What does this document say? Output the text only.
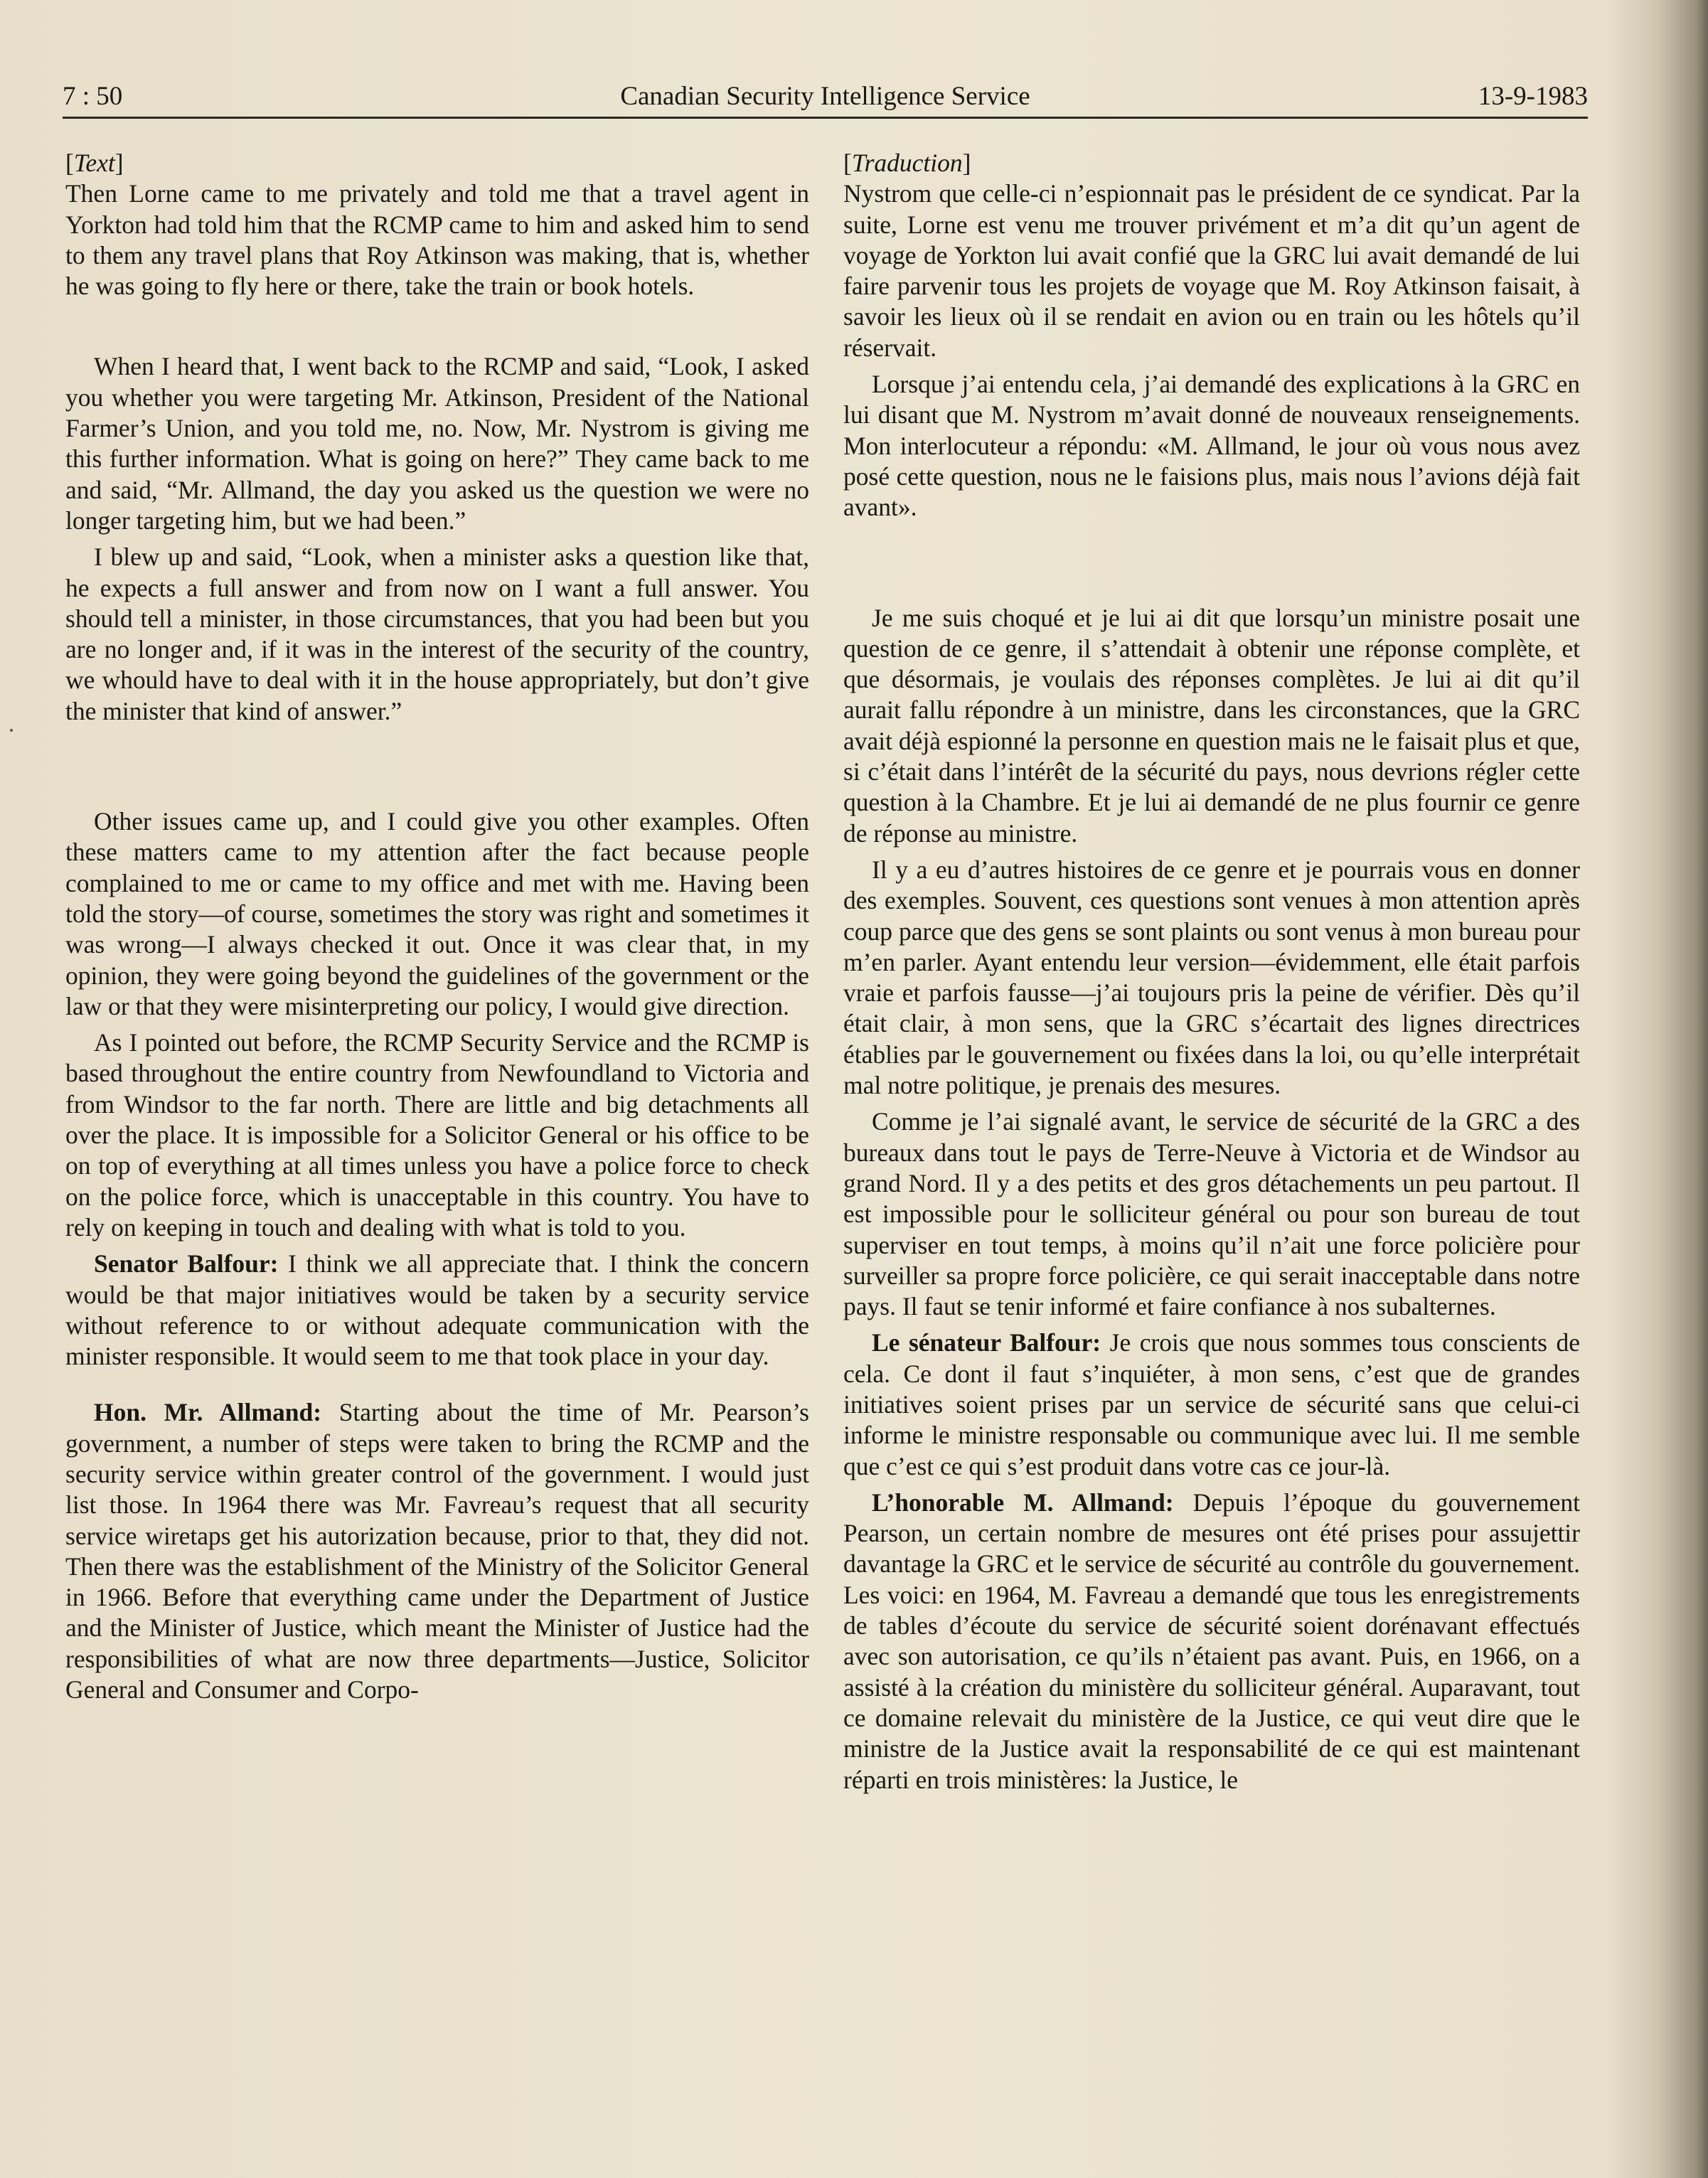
7 : 50	Canadian Security Intelligence Service	13-9-1983

[Text]

Then Lorne came to me privately and told me that a travel agent in Yorkton had told him that the RCMP came to him and asked him to send to them any travel plans that Roy Atkinson was making, that is, whether he was going to fly here or there, take the train or book hotels.

When I heard that, I went back to the RCMP and said, “Look, I asked you whether you were targeting Mr. Atkinson, President of the National Farmer’s Union, and you told me, no. Now, Mr. Nystrom is giving me this further information. What is going on here?” They came back to me and said, “Mr. Allmand, the day you asked us the question we were no longer targeting him, but we had been.”

I blew up and said, “Look, when a minister asks a question like that, he expects a full answer and from now on I want a full answer. You should tell a minister, in those circumstances, that you had been but you are no longer and, if it was in the interest of the security of the country, we whould have to deal with it in the house appropriately, but don’t give the minister that kind of answer.”

Other issues came up, and I could give you other examples. Often these matters came to my attention after the fact because people complained to me or came to my office and met with me. Having been told the story—of course, sometimes the story was right and sometimes it was wrong—I always checked it out. Once it was clear that, in my opinion, they were going beyond the guidelines of the government or the law or that they were misinterpreting our policy, I would give direction.

As I pointed out before, the RCMP Security Service and the RCMP is based throughout the entire country from Newfoundland to Victoria and from Windsor to the far north. There are little and big detachments all over the place. It is impossible for a Solicitor General or his office to be on top of everything at all times unless you have a police force to check on the police force, which is unacceptable in this country. You have to rely on keeping in touch and dealing with what is told to you.

Senator Balfour: I think we all appreciate that. I think the concern would be that major initiatives would be taken by a security service without reference to or without adequate communication with the minister responsible. It would seem to me that took place in your day.

Hon. Mr. Allmand: Starting about the time of Mr. Pearson’s government, a number of steps were taken to bring the RCMP and the security service within greater control of the government. I would just list those. In 1964 there was Mr. Favreau’s request that all security service wiretaps get his autorization because, prior to that, they did not. Then there was the establishment of the Ministry of the Solicitor General in 1966. Before that everything came under the Department of Justice and the Minister of Justice, which meant the Minister of Justice had the responsibilities of what are now three departments—Justice, Solicitor General and Consumer and Corpo-

[Traduction]

Nystrom que celle-ci n’espionnait pas le président de ce syndicat. Par la suite, Lorne est venu me trouver privément et m’a dit qu’un agent de voyage de Yorkton lui avait confié que la GRC lui avait demandé de lui faire parvenir tous les projets de voyage que M. Roy Atkinson faisait, à savoir les lieux où il se rendait en avion ou en train ou les hôtels qu’il réservait.

Lorsque j’ai entendu cela, j’ai demandé des explications à la GRC en lui disant que M. Nystrom m’avait donné de nouveaux renseignements. Mon interlocuteur a répondu: «M. Allmand, le jour où vous nous avez posé cette question, nous ne le faisions plus, mais nous l’avions déjà fait avant».

Je me suis choqué et je lui ai dit que lorsqu’un ministre posait une question de ce genre, il s’attendait à obtenir une réponse complète, et que désormais, je voulais des réponses complètes. Je lui ai dit qu’il aurait fallu répondre à un ministre, dans les circonstances, que la GRC avait déjà espionné la personne en question mais ne le faisait plus et que, si c’était dans l’intérêt de la sécurité du pays, nous devrions régler cette question à la Chambre. Et je lui ai demandé de ne plus fournir ce genre de réponse au ministre.

Il y a eu d’autres histoires de ce genre et je pourrais vous en donner des exemples. Souvent, ces questions sont venues à mon attention après coup parce que des gens se sont plaints ou sont venus à mon bureau pour m’en parler. Ayant entendu leur version—évidemment, elle était parfois vraie et parfois fausse—j’ai toujours pris la peine de vérifier. Dès qu’il était clair, à mon sens, que la GRC s’écartait des lignes directrices établies par le gouvernement ou fixées dans la loi, ou qu’elle interprétait mal notre politique, je prenais des mesures.

Comme je l’ai signalé avant, le service de sécurité de la GRC a des bureaux dans tout le pays de Terre-Neuve à Victoria et de Windsor au grand Nord. Il y a des petits et des gros détachements un peu partout. Il est impossible pour le solliciteur général ou pour son bureau de tout superviser en tout temps, à moins qu’il n’ait une force policière pour surveiller sa propre force policière, ce qui serait inacceptable dans notre pays. Il faut se tenir informé et faire confiance à nos subalternes.

Le sénateur Balfour: Je crois que nous sommes tous conscients de cela. Ce dont il faut s’inquiéter, à mon sens, c’est que de grandes initiatives soient prises par un service de sécurité sans que celui-ci informe le ministre responsable ou communique avec lui. Il me semble que c’est ce qui s’est produit dans votre cas ce jour-là.

L’honorable M. Allmand: Depuis l’époque du gouvernement Pearson, un certain nombre de mesures ont été prises pour assujettir davantage la GRC et le service de sécurité au contrôle du gouvernement. Les voici: en 1964, M. Favreau a demandé que tous les enregistrements de tables d’écoute du service de sécurité soient dorénavant effectués avec son autorisation, ce qu’ils n’étaient pas avant. Puis, en 1966, on a assisté à la création du ministère du solliciteur général. Auparavant, tout ce domaine relevait du ministère de la Justice, ce qui veut dire que le ministre de la Justice avait la responsabilité de ce qui est maintenant réparti en trois ministères: la Justice, le
